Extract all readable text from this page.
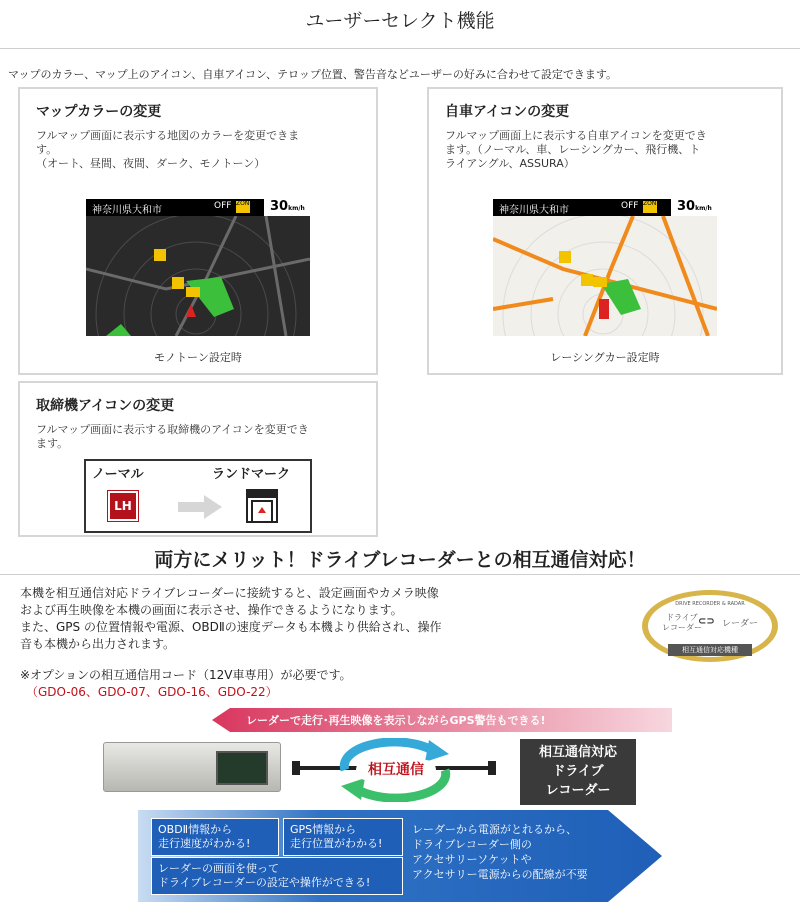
ユーザーセレクト機能
マップのカラー、マップ上のアイコン、自車アイコン、テロップ位置、警告音などユーザーの好みに合わせて設定できます。
マップカラーの変更
フルマップ画面に表示する地図のカラーを変更できま
す。
（オート、昼間、夜間、ダーク、モノトーン）
神奈川県大和市	OFF ZONE	30km/h
モノトーン設定時
自車アイコンの変更
フルマップ画面上に表示する自車アイコンを変更でき
ます。（ノーマル、車、レーシングカー、飛行機、ト
ライアングル、ASSURA）
神奈川県大和市	OFF ZONE	30km/h
レーシングカー設定時
取締機アイコンの変更
フルマップ画面に表示する取締機のアイコンを変更でき
ます。
ノーマル	ランドマーク
LH
両方にメリット！ドライブレコーダーとの相互通信対応！
本機を相互通信対応ドライブレコーダーに接続すると、設定画面やカメラ映像
および再生映像を本機の画面に表示させ、操作できるようになります。
また、GPS の位置情報や電源、OBDⅡの速度データも本機より供給され、操作
音も本機から出力されます。
※オプションの相互通信用コード（12V車専用）が必要です。
（GDO-06、GDO-07、GDO-16、GDO-22）
DRIVE RECORDER & RADAR
ドライブ
レコーダー
⊂⊃ レーダー
相互通信対応機種
レーダーで走行･再生映像を表示しながらGPS警告もできる!
相互通信
相互通信対応
ドライブ
レコーダー
OBDⅡ情報から
走行速度がわかる!
GPS情報から
走行位置がわかる!
レーダーの画面を使って
ドライブレコーダーの設定や操作ができる!
レーダーから電源がとれるから、
ドライブレコーダー側の
アクセサリーソケットや
アクセサリー電源からの配線が不要
